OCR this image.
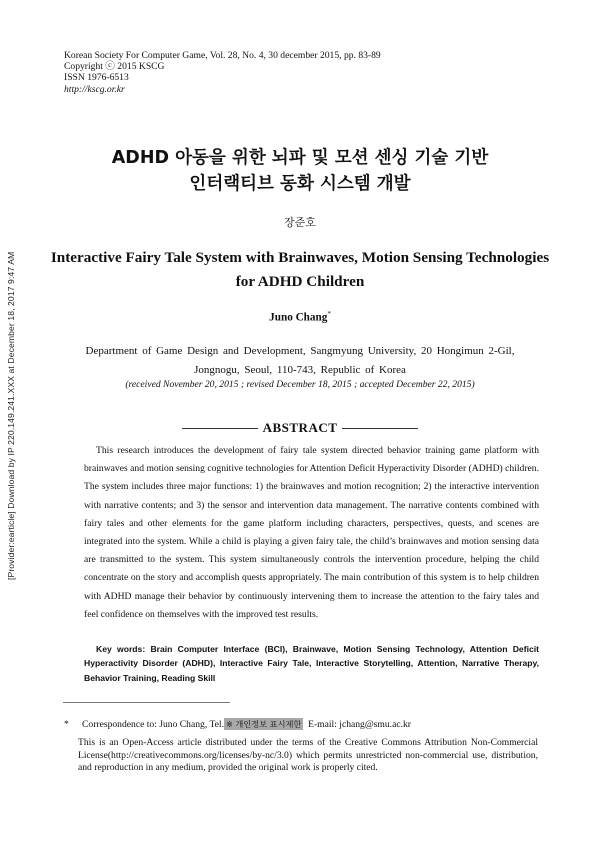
[Provider:earticle] Download by IP 220.149.241.XXX at December 18, 2017 9:47 AM
Korean Society For Computer Game, Vol. 28, No. 4, 30 december 2015, pp. 83-89
Copyright ⓒ 2015 KSCG
ISSN 1976-6513
http://kscg.or.kr
ADHD 아동을 위한 뇌파 및 모션 센싱 기술 기반
인터랙티브 동화 시스템 개발
장준호
Interactive Fairy Tale System with Brainwaves, Motion Sensing Technologies
for ADHD Children
Juno Chang*
Department of Game Design and Development, Sangmyung University, 20 Hongimun 2-Gil,
Jongnogu, Seoul, 110-743, Republic of Korea
(received November 20, 2015 ; revised December 18, 2015 ; accepted December 22, 2015)
ABSTRACT
This research introduces the development of fairy tale system directed behavior training game platform with brainwaves and motion sensing cognitive technologies for Attention Deficit Hyperactivity Disorder (ADHD) children. The system includes three major functions: 1) the brainwaves and motion recognition; 2) the interactive intervention with narrative contents; and 3) the sensor and intervention data management. The narrative contents combined with fairy tales and other elements for the game platform including characters, perspectives, quests, and scenes are integrated into the system. While a child is playing a given fairy tale, the child’s brainwaves and motion sensing data are transmitted to the system. This system simultaneously controls the intervention procedure, helping the child concentrate on the story and accomplish quests appropriately. The main contribution of this system is to help children with ADHD manage their behavior by continuously intervening them to increase the attention to the fairy tales and feel confidence on themselves with the improved test results.
Key words: Brain Computer Interface (BCI), Brainwave, Motion Sensing Technology, Attention Deficit Hyperactivity Disorder (ADHD), Interactive Fairy Tale, Interactive Storytelling, Attention, Narrative Therapy, Behavior Training, Reading Skill
* Correspondence to: Juno Chang, Tel. ※ 개인정보 표시제한 E-mail: jchang@smu.ac.kr
This is an Open-Access article distributed under the terms of the Creative Commons Attribution Non-Commercial License(http://creativecommons.org/licenses/by-nc/3.0) which permits unrestricted non-commercial use, distribution, and reproduction in any medium, provided the original work is properly cited.
